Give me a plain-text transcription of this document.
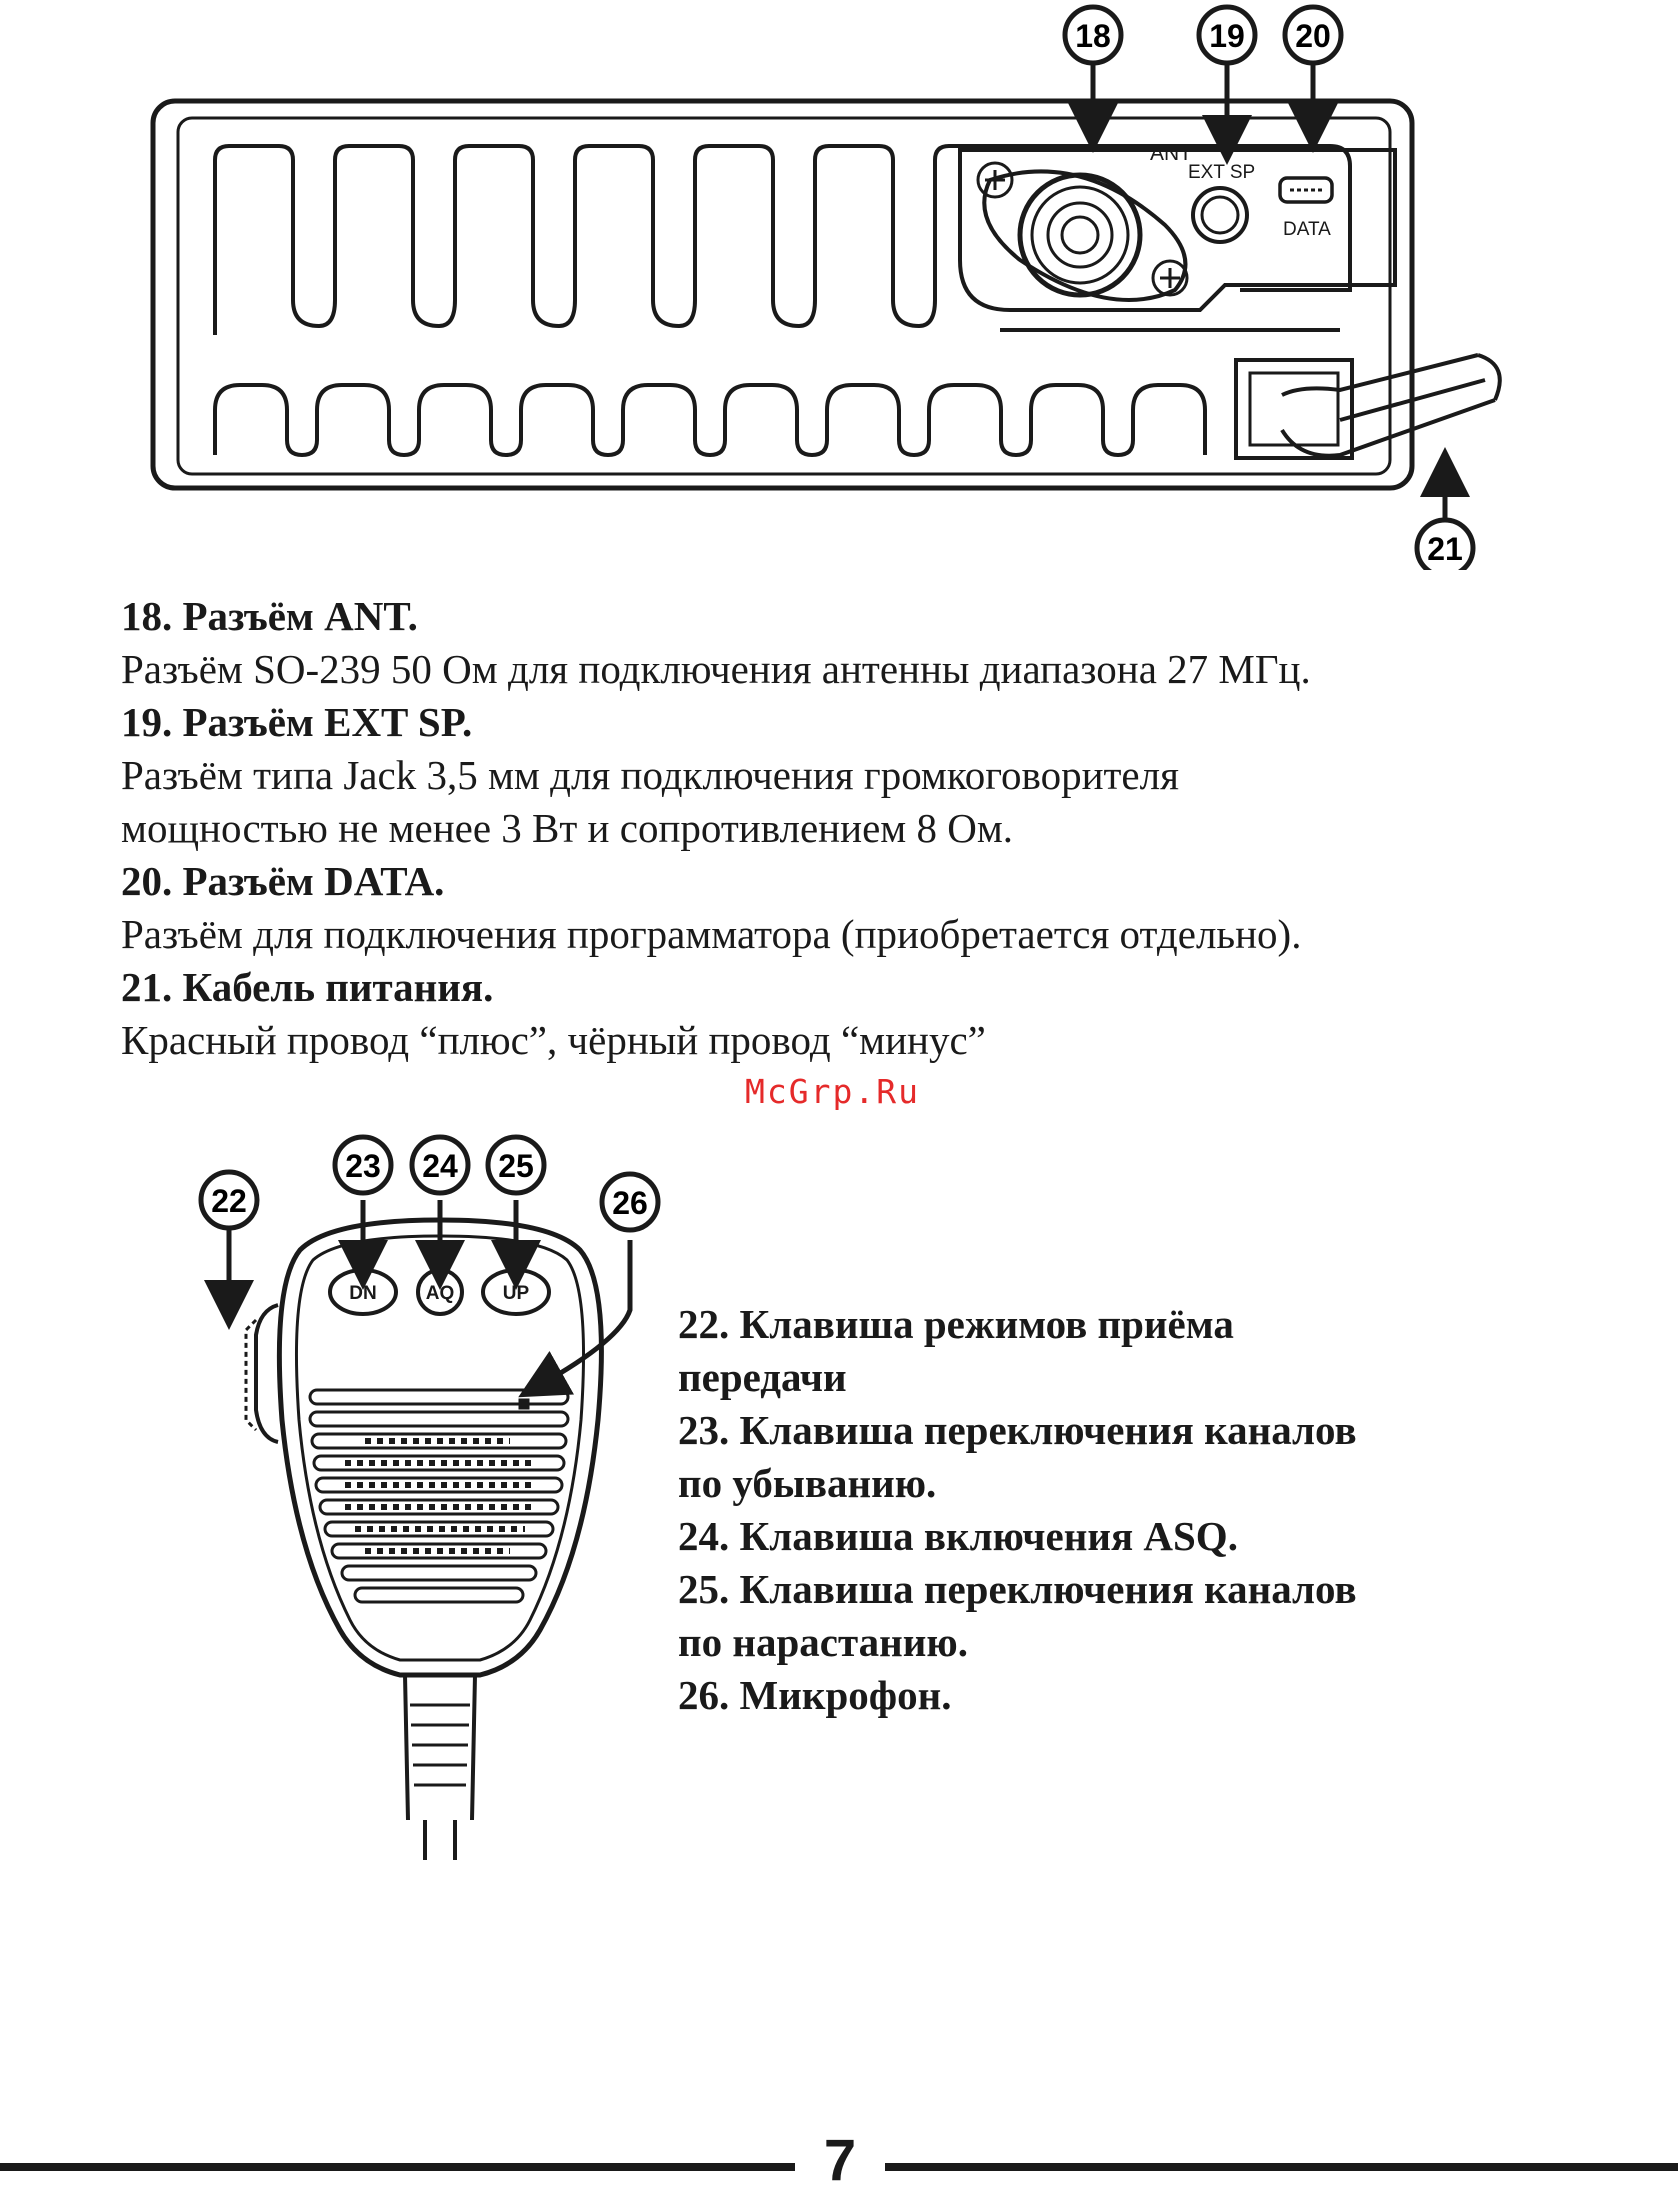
ANT
EXT SP
DATA
18	19 20
21
18. Разъём ANT.
Разъём SO-239 50 Ом для подключения антенны диапазона 27 МГц.
19. Разъём EXT SP.
Разъём типа Jack 3,5 мм для подключения громкоговорителя
мощностью не менее 3 Вт и сопротивлением 8 Ом.
20. Разъём DATA.
Разъём для подключения программатора (приобретается отдельно).
21. Кабель питания.
Красный провод “плюс”, чёрный провод “минус”
McGrp.Ru
DN	AQ	UP
22
23 24 25
26
22. Клавиша режимов приёма
передачи
23. Клавиша переключения каналов
по убыванию.
24. Клавиша включения ASQ.
25. Клавиша переключения каналов
по нарастанию.
26. Микрофон.
7
